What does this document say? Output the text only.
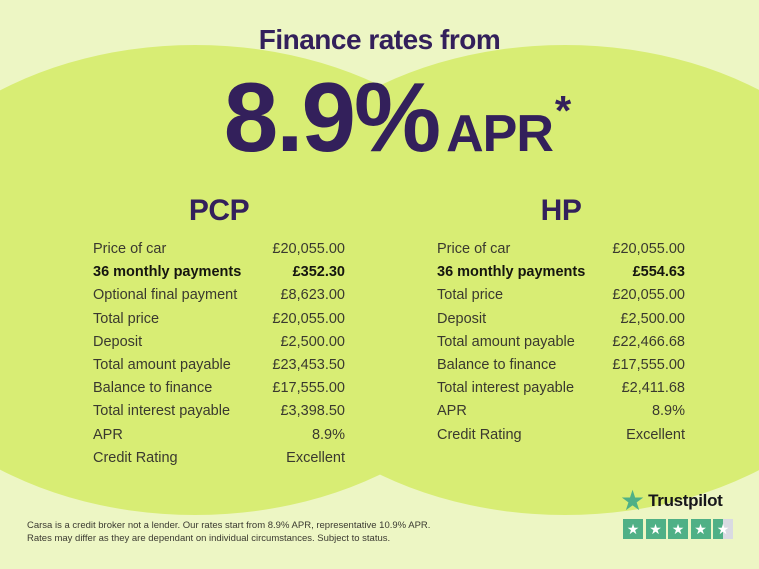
Finance rates from
8.9% APR *
PCP
Price of car	£20,055.00
36 monthly payments	£352.30
Optional final payment	£8,623.00
Total price	£20,055.00
Deposit	£2,500.00
Total amount payable	£23,453.50
Balance to finance	£17,555.00
Total interest payable	£3,398.50
APR	8.9%
Credit Rating	Excellent
HP
Price of car	£20,055.00
36 monthly payments	£554.63
Total price	£20,055.00
Deposit	£2,500.00
Total amount payable	£22,466.68
Balance to finance	£17,555.00
Total interest payable	£2,411.68
APR	8.9%
Credit Rating	Excellent
Carsa is a credit broker not a lender. Our rates start from 8.9% APR, representative 10.9% APR.
Rates may differ as they are dependant on individual circumstances. Subject to status.
★ Trustpilot
★ ★ ★ ★ ★
